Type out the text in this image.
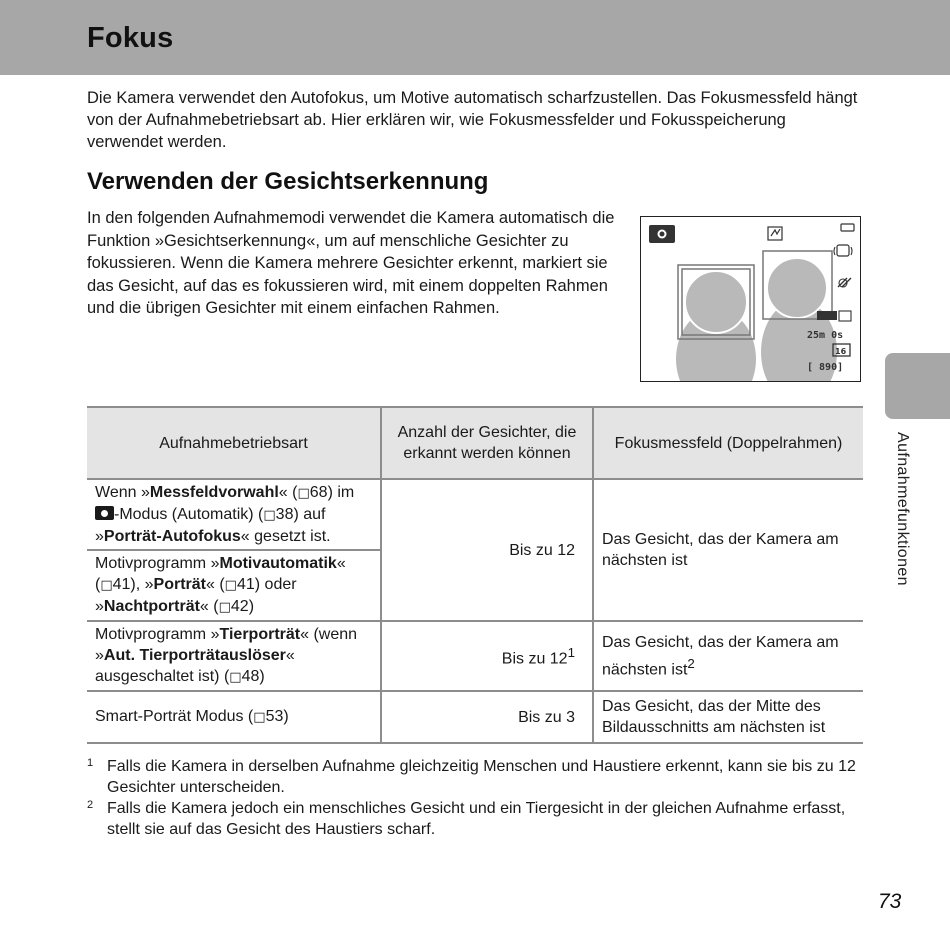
Fokus

Die Kamera verwendet den Autofokus, um Motive automatisch scharfzustellen. Das Fokusmessfeld hängt von der Aufnahmebetriebsart ab. Hier erklären wir, wie Fokusmessfelder und Fokusspeicherung verwendet werden.

Verwenden der Gesichtserkennung

In den folgenden Aufnahmemodi verwendet die Kamera automatisch die Funktion »Gesichtserkennung«, um auf menschliche Gesichter zu fokussieren. Wenn die Kamera mehrere Gesichter erkennt, markiert sie das Gesicht, auf das es fokussieren wird, mit einem doppelten Rahmen und die übrigen Gesichter mit einem einfachen Rahmen.

25m 0s
16
[ 890]
Aufnahmefunktionen
Aufnahmebetriebsart	Anzahl der Gesichter, die erkannt werden können	Fokusmessfeld (Doppelrahmen)
Wenn »Messfeldvorwahl« (□68) im -Modus (Automatik) (□38) auf »Porträt-Autofokus« gesetzt ist.	Bis zu 12	Das Gesicht, das der Kamera am nächsten ist
Motivprogramm »Motivautomatik« (□41), »Porträt« (□41) oder »Nachtporträt« (□42)		
Motivprogramm »Tierporträt« (wenn »Aut. Tierporträtauslöser« ausgeschaltet ist) (□48)	Bis zu $12^1$	Das Gesicht, das der Kamera am nächsten ist$^2$
Smart-Porträt Modus (□53)	Bis zu 3	Das Gesicht, das der Mitte des Bildausschnitts am nächsten ist
1 Falls die Kamera in derselben Aufnahme gleichzeitig Menschen und Haustiere erkennt, kann sie bis zu 12 Gesichter unterscheiden.
2 Falls die Kamera jedoch ein menschliches Gesicht und ein Tiergesicht in der gleichen Aufnahme erfasst, stellt sie auf das Gesicht des Haustiers scharf.
73
